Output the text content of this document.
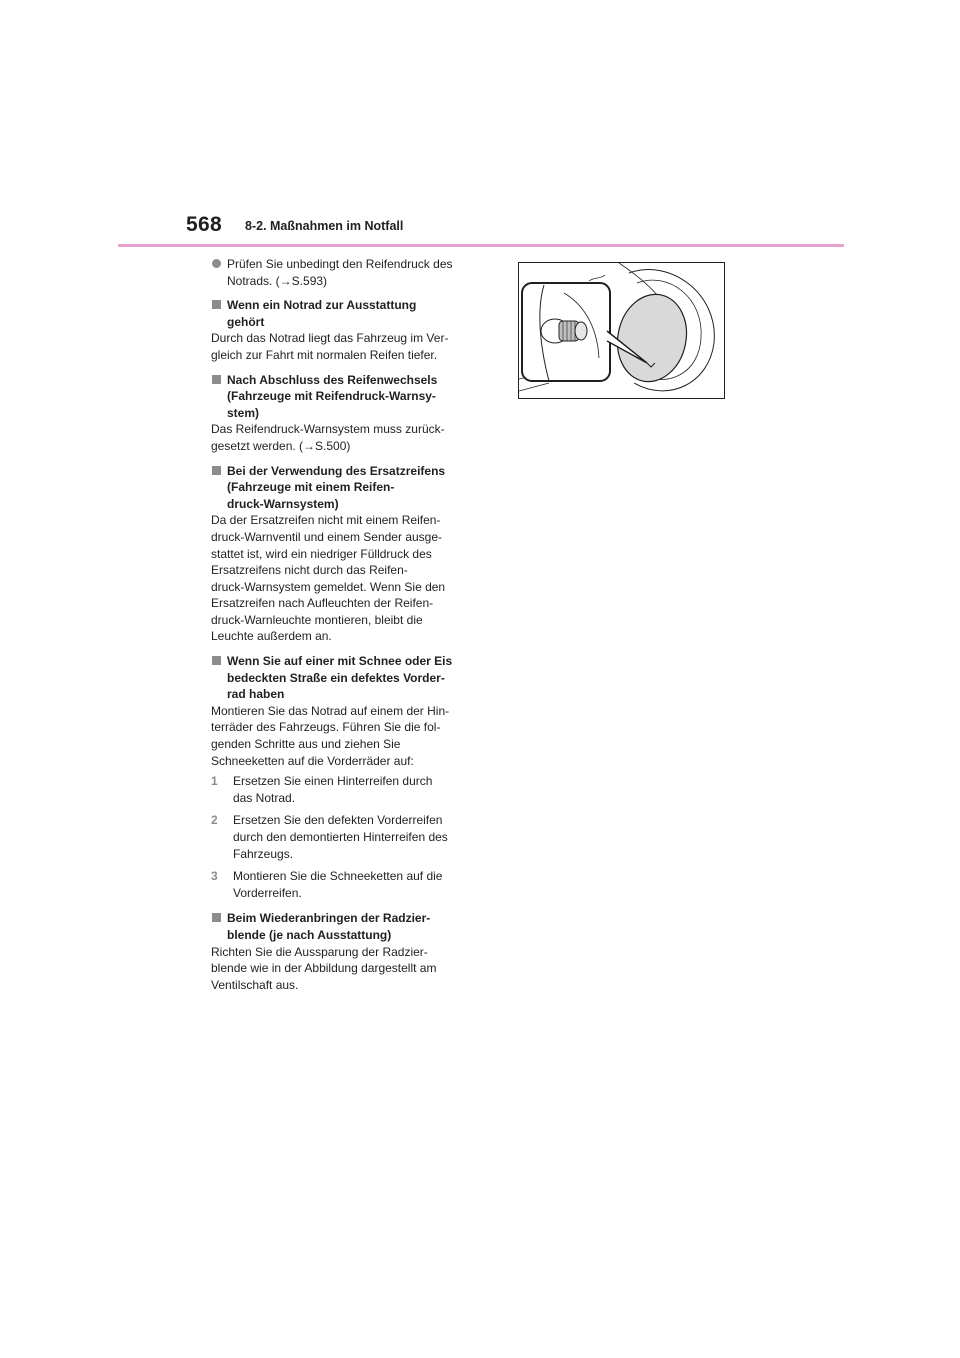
568 8-2. Maßnahmen im Notfall
Prüfen Sie unbedingt den Reifendruck des
Notrads. (→S.593)
Wenn ein Notrad zur Ausstattung
gehört
Durch das Notrad liegt das Fahrzeug im Ver-
gleich zur Fahrt mit normalen Reifen tiefer.
Nach Abschluss des Reifenwechsels
(Fahrzeuge mit Reifendruck-Warnsy-
stem)
Das Reifendruck-Warnsystem muss zurück-
gesetzt werden. (→S.500)
Bei der Verwendung des Ersatzreifens
(Fahrzeuge mit einem Reifen-
druck-Warnsystem)
Da der Ersatzreifen nicht mit einem Reifen-
druck-Warnventil und einem Sender ausge-
stattet ist, wird ein niedriger Fülldruck des
Ersatzreifens nicht durch das Reifen-
druck-Warnsystem gemeldet. Wenn Sie den
Ersatzreifen nach Aufleuchten der Reifen-
druck-Warnleuchte montieren, bleibt die
Leuchte außerdem an.
Wenn Sie auf einer mit Schnee oder Eis
bedeckten Straße ein defektes Vorder-
rad haben
Montieren Sie das Notrad auf einem der Hin-
terräder des Fahrzeugs. Führen Sie die fol-
genden Schritte aus und ziehen Sie
Schneeketten auf die Vorderräder auf:
1 Ersetzen Sie einen Hinterreifen durch
das Notrad.
2 Ersetzen Sie den defekten Vorderreifen
durch den demontierten Hinterreifen des
Fahrzeugs.
3 Montieren Sie die Schneeketten auf die
Vorderreifen.
Beim Wiederanbringen der Radzier-
blende (je nach Ausstattung)
Richten Sie die Aussparung der Radzier-
blende wie in der Abbildung dargestellt am
Ventilschaft aus.
